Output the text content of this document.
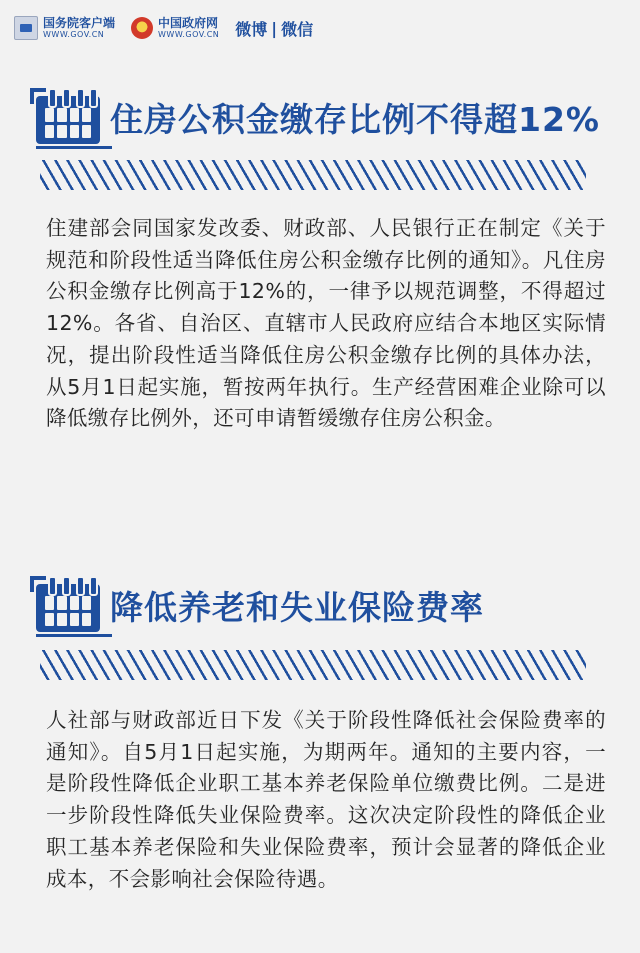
国务院客户端
WWW.GOV.CN
中国政府网
WWW.GOV.CN 微博 | 微信
住房公积金缴存比例不得超12%
住建部会同国家发改委、财政部、人民银行正在制定《关于规范和阶段性适当降低住房公积金缴存比例的通知》。凡住房公积金缴存比例高于12%的，一律予以规范调整，不得超过12%。各省、自治区、直辖市人民政府应结合本地区实际情况，提出阶段性适当降低住房公积金缴存比例的具体办法，从5月1日起实施，暂按两年执行。生产经营困难企业除可以降低缴存比例外，还可申请暂缓缴存住房公积金。
降低养老和失业保险费率
人社部与财政部近日下发《关于阶段性降低社会保险费率的通知》。自5月1日起实施，为期两年。通知的主要内容，一是阶段性降低企业职工基本养老保险单位缴费比例。二是进一步阶段性降低失业保险费率。这次决定阶段性的降低企业职工基本养老保险和失业保险费率，预计会显著的降低企业成本，不会影响社会保险待遇。
